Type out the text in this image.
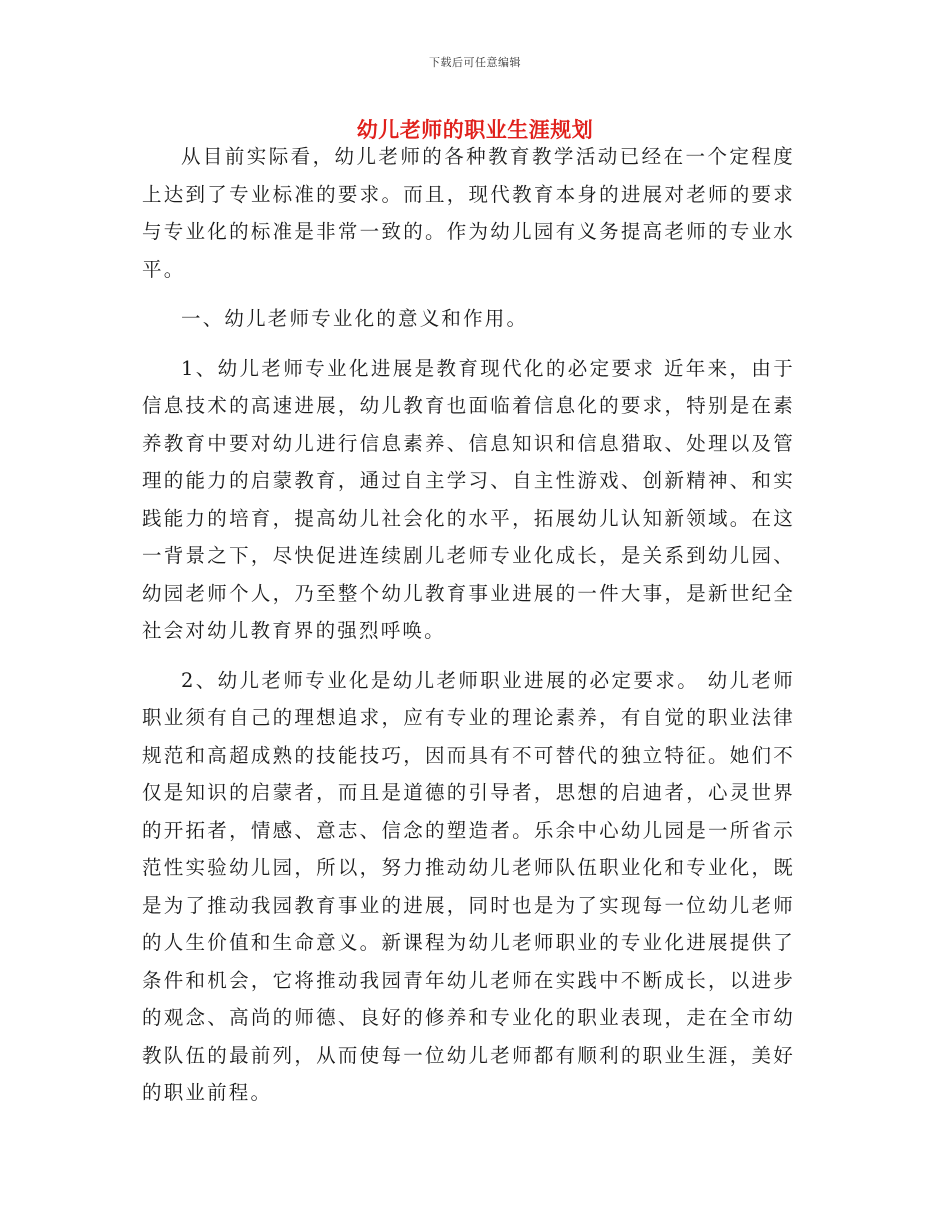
下载后可任意编辑
幼儿老师的职业生涯规划

从目前实际看，幼儿老师的各种教育教学活动已经在一个定程度上达到了专业标准的要求。而且，现代教育本身的进展对老师的要求与专业化的标准是非常一致的。作为幼儿园有义务提高老师的专业水平。

一、幼儿老师专业化的意义和作用。

1、幼儿老师专业化进展是教育现代化的必定要求 近年来，由于信息技术的高速进展，幼儿教育也面临着信息化的要求，特别是在素养教育中要对幼儿进行信息素养、信息知识和信息猎取、处理以及管理的能力的启蒙教育，通过自主学习、自主性游戏、创新精神、和实践能力的培育，提高幼儿社会化的水平，拓展幼儿认知新领域。在这一背景之下，尽快促进连续剧儿老师专业化成长，是关系到幼儿园、幼园老师个人，乃至整个幼儿教育事业进展的一件大事，是新世纪全社会对幼儿教育界的强烈呼唤。

2、幼儿老师专业化是幼儿老师职业进展的必定要求。 幼儿老师职业须有自己的理想追求，应有专业的理论素养，有自觉的职业法律规范和高超成熟的技能技巧，因而具有不可替代的独立特征。她们不仅是知识的启蒙者，而且是道德的引导者，思想的启迪者，心灵世界的开拓者，情感、意志、信念的塑造者。乐余中心幼儿园是一所省示范性实验幼儿园，所以，努力推动幼儿老师队伍职业化和专业化，既是为了推动我园教育事业的进展，同时也是为了实现每一位幼儿老师的人生价值和生命意义。新课程为幼儿老师职业的专业化进展提供了条件和机会，它将推动我园青年幼儿老师在实践中不断成长，以进步的观念、高尚的师德、良好的修养和专业化的职业表现，走在全市幼教队伍的最前列，从而使每一位幼儿老师都有顺利的职业生涯，美好的职业前程。
